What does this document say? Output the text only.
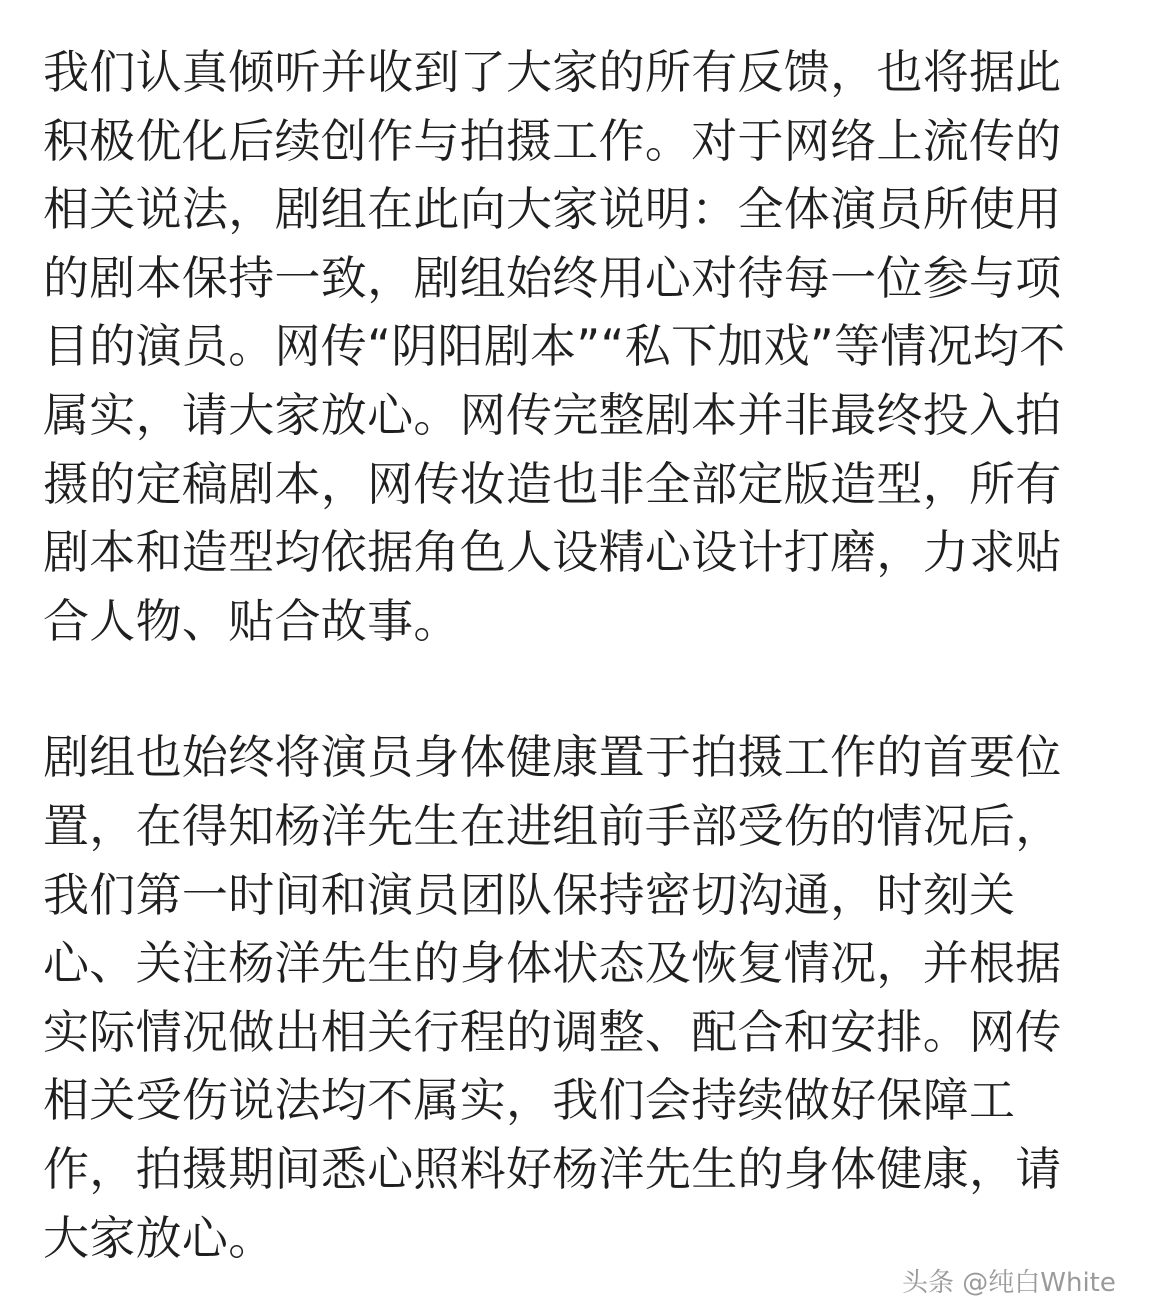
我们认真倾听并收到了大家的所有反馈，也将据此
积极优化后续创作与拍摄工作。对于网络上流传的
相关说法，剧组在此向大家说明：全体演员所使用
的剧本保持一致，剧组始终用心对待每一位参与项
目的演员。网传“阴阳剧本”“私下加戏”等情况均不
属实，请大家放心。网传完整剧本并非最终投入拍
摄的定稿剧本，网传妆造也非全部定版造型，所有
剧本和造型均依据角色人设精心设计打磨，力求贴
合人物、贴合故事。
剧组也始终将演员身体健康置于拍摄工作的首要位
置，在得知杨洋先生在进组前手部受伤的情况后，
我们第一时间和演员团队保持密切沟通，时刻关
心、关注杨洋先生的身体状态及恢复情况，并根据
实际情况做出相关行程的调整、配合和安排。网传
相关受伤说法均不属实，我们会持续做好保障工
作，拍摄期间悉心照料好杨洋先生的身体健康，请
大家放心。
头条 @纯白White
